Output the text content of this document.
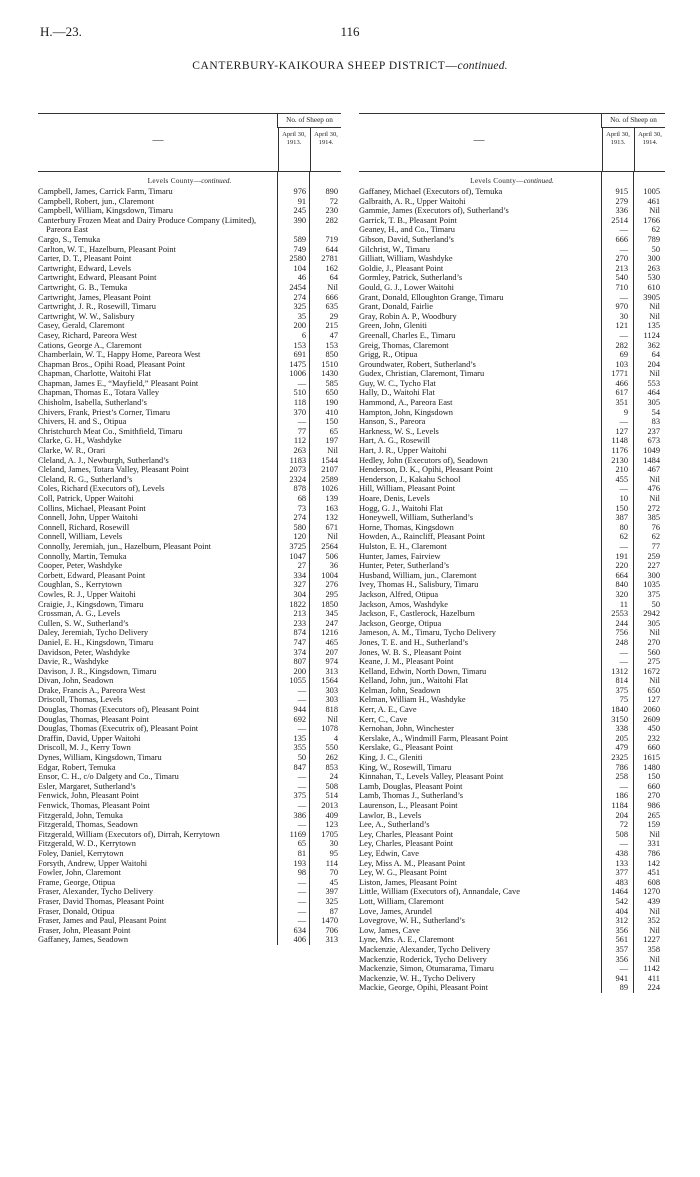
H.—23.	116
CANTERBURY-KAIKOURA SHEEP DISTRICT—continued.
—
No. of Sheep on
April 30,
1913.
April 30,
1914.
Levels County—continued.
Campbell, James, Carrick Farm, Timaru	976	890
Campbell, Robert, jun., Claremont	91	72
Campbell, William, Kingsdown, Timaru	245	230
Canterbury Frozen Meat and Dairy Produce Company (Limited), Pareora East
390	282
Cargo, S., Temuka	589	719
Carlton, W. T., Hazelburn, Pleasant Point	749	644
Carter, D. T., Pleasant Point	2580	2781
Cartwright, Edward, Levels	104	162
Cartwright, Edward, Pleasant Point	46	64
Cartwright, G. B., Temuka	2454	Nil
Cartwright, James, Pleasant Point	274	666
Cartwright, J. R., Rosewill, Timaru	325	635
Cartwright, W. W., Salisbury	35	29
Casey, Gerald, Claremont	200	215
Casey, Richard, Pareora West	6	47
Cations, George A., Claremont	153	153
Chamberlain, W. T., Happy Home, Pareora West	691	850
Chapman Bros., Opihi Road, Pleasant Point	1475	1510
Chapman, Charlotte, Waitohi Flat	1006	1430
Chapman, James E., “Mayfield,” Pleasant Point	—	585
Chapman, Thomas E., Totara Valley	510	650
Chisholm, Isabella, Sutherland’s	118	190
Chivers, Frank, Priest’s Corner, Timaru	370	410
Chivers, H. and S., Otipua	—	150
Christchurch Meat Co., Smithfield, Timaru	77	65
Clarke, G. H., Washdyke	112	197
Clarke, W. R., Orari	263	Nil
Cleland, A. J., Newburgh, Sutherland’s	1183	1544
Cleland, James, Totara Valley, Pleasant Point	2073	2107
Cleland, R. G., Sutherland’s	2324	2589
Coles, Richard (Executors of), Levels	878	1026
Coll, Patrick, Upper Waitohi	68	139
Collins, Michael, Pleasant Point	73	163
Connell, John, Upper Waitohi	274	132
Connell, Richard, Rosewill	580	671
Connell, William, Levels	120	Nil
Connolly, Jeremiah, jun., Hazelburn, Pleasant Point	3725	2564
Connolly, Martin, Temuka	1047	506
Cooper, Peter, Washdyke	27	36
Corbett, Edward, Pleasant Point	334	1004
Coughlan, S., Kerrytown	327	276
Cowles, R. J., Upper Waitohi	304	295
Craigie, J., Kingsdown, Timaru	1822	1850
Crossman, A. G., Levels	213	345
Cullen, S. W., Sutherland’s	233	247
Daley, Jeremiah, Tycho Delivery	874	1216
Daniel, E. H., Kingsdown, Timaru	747	465
Davidson, Peter, Washdyke	374	207
Davie, R., Washdyke	807	974
Davison, J. R., Kingsdown, Timaru	200	313
Divan, John, Seadown	1055	1564
Drake, Francis A., Pareora West	—	303
Driscoll, Thomas, Levels	—	303
Douglas, Thomas (Executors of), Pleasant Point	944	818
Douglas, Thomas, Pleasant Point	692	Nil
Douglas, Thomas (Executrix of), Pleasant Point	—	1078
Draffin, David, Upper Waitohi	135	4
Driscoll, M. J., Kerry Town	355	550
Dynes, William, Kingsdown, Timaru	50	262
Edgar, Robert, Temuka	847	853
Ensor, C. H., c/o Dalgety and Co., Timaru	—	24
Esler, Margaret, Sutherland’s	—	508
Fenwick, John, Pleasant Point	375	514
Fenwick, Thomas, Pleasant Point	—	2013
Fitzgerald, John, Temuka	386	409
Fitzgerald, Thomas, Seadown	—	123
Fitzgerald, William (Executors of), Dirrah, Kerrytown	1169	1705
Fitzgerald, W. D., Kerrytown	65	30
Foley, Daniel, Kerrytown	81	95
Forsyth, Andrew, Upper Waitohi	193	114
Fowler, John, Claremont	98	70
Frame, George, Otipua	—	45
Fraser, Alexander, Tycho Delivery	—	397
Fraser, David Thomas, Pleasant Point	—	325
Fraser, Donald, Otipua	—	87
Fraser, James and Paul, Pleasant Point	—	1470
Fraser, John, Pleasant Point	634	706
Gaffaney, James, Seadown	406	313
—
No. of Sheep on
April 30,
1913.
April 30,
1914.
Levels County—continued.
Gaffaney, Michael (Executors of), Temuka	915	1005
Galbraith, A. R., Upper Waitohi	279	461
Gammie, James (Executors of), Sutherland’s	336	Nil
Garrick, T. B., Pleasant Point	2514	1766
Geaney, H., and Co., Timaru	—	62
Gibson, David, Sutherland’s	666	789
Gilchrist, W., Timaru	—	50
Gilliatt, William, Washdyke	270	300
Goldie, J., Pleasant Point	213	263
Gormley, Patrick, Sutherland’s	540	530
Gould, G. J., Lower Waitohi	710	610
Grant, Donald, Elloughton Grange, Timaru	—	3905
Grant, Donald, Fairlie	970	Nil
Gray, Robin A. P., Woodbury	30	Nil
Green, John, Gleniti	121	135
Greenall, Charles E., Timaru	—	1124
Greig, Thomas, Claremont	282	362
Grigg, R., Otipua	69	64
Groundwater, Robert, Sutherland’s	103	204
Gudex, Christian, Claremont, Timaru	1771	Nil
Guy, W. C., Tycho Flat	466	553
Hally, D., Waitohi Flat	617	464
Hammond, A., Pareora East	351	305
Hampton, John, Kingsdown	9	54
Hanson, S., Pareora	—	83
Harkness, W. S., Levels	127	237
Hart, A. G., Rosewill	1148	673
Hart, J. R., Upper Waitohi	1176	1049
Hedley, John (Executors of), Seadown	2130	1484
Henderson, D. K., Opihi, Pleasant Point	210	467
Henderson, J., Kakahu School	455	Nil
Hill, William, Pleasant Point	—	476
Hoare, Denis, Levels	10	Nil
Hogg, G. J., Waitohi Flat	150	272
Honeywell, William, Sutherland’s	387	385
Horne, Thomas, Kingsdown	80	76
Howden, A., Raincliff, Pleasant Point	62	62
Hulston, E. H., Claremont	—	77
Hunter, James, Fairview	191	259
Hunter, Peter, Sutherland’s	220	227
Husband, William, jun., Claremont	664	300
Ivey, Thomas H., Salisbury, Timaru	840	1035
Jackson, Alfred, Otipua	320	375
Jackson, Amos, Washdyke	11	50
Jackson, F., Castlerock, Hazelburn	2553	2942
Jackson, George, Otipua	244	305
Jameson, A. M., Timaru, Tycho Delivery	756	Nil
Jones, T. E. and H., Sutherland’s	248	270
Jones, W. B. S., Pleasant Point	—	560
Keane, J. M., Pleasant Point	—	275
Kelland, Edwin, North Down, Timaru	1312	1672
Kelland, John, jun., Waitohi Flat	814	Nil
Kelman, John, Seadown	375	650
Kelman, William H., Washdyke	75	127
Kerr, A. E., Cave	1840	2060
Kerr, C., Cave	3150	2609
Kernohan, John, Winchester	338	450
Kerslake, A., Windmill Farm, Pleasant Point	205	232
Kerslake, G., Pleasant Point	479	660
King, J. C., Gleniti	2325	1615
King, W., Rosewill, Timaru	786	1480
Kinnahan, T., Levels Valley, Pleasant Point	258	150
Lamb, Douglas, Pleasant Point	—	660
Lamb, Thomas J., Sutherland’s	186	270
Laurenson, L., Pleasant Point	1184	986
Lawlor, B., Levels	204	265
Lee, A., Sutherland’s	72	159
Ley, Charles, Pleasant Point	508	Nil
Ley, Charles, Pleasant Point	—	331
Ley, Edwin, Cave	438	786
Ley, Miss A. M., Pleasant Point	133	142
Ley, W. G., Pleasant Point	377	451
Liston, James, Pleasant Point	483	608
Little, William (Executors of), Annandale, Cave	1464	1270
Lott, William, Claremont	542	439
Love, James, Arundel	404	Nil
Lovegrove, W. H., Sutherland’s	312	352
Low, James, Cave	356	Nil
Lyne, Mrs. A. E., Claremont	561	1227
Mackenzie, Alexander, Tycho Delivery	357	358
Mackenzie, Roderick, Tycho Delivery	356	Nil
Mackenzie, Simon, Otumarama, Timaru	—	1142
Mackenzie, W. H., Tycho Delivery	941	411
Mackie, George, Opihi, Pleasant Point	89	224
